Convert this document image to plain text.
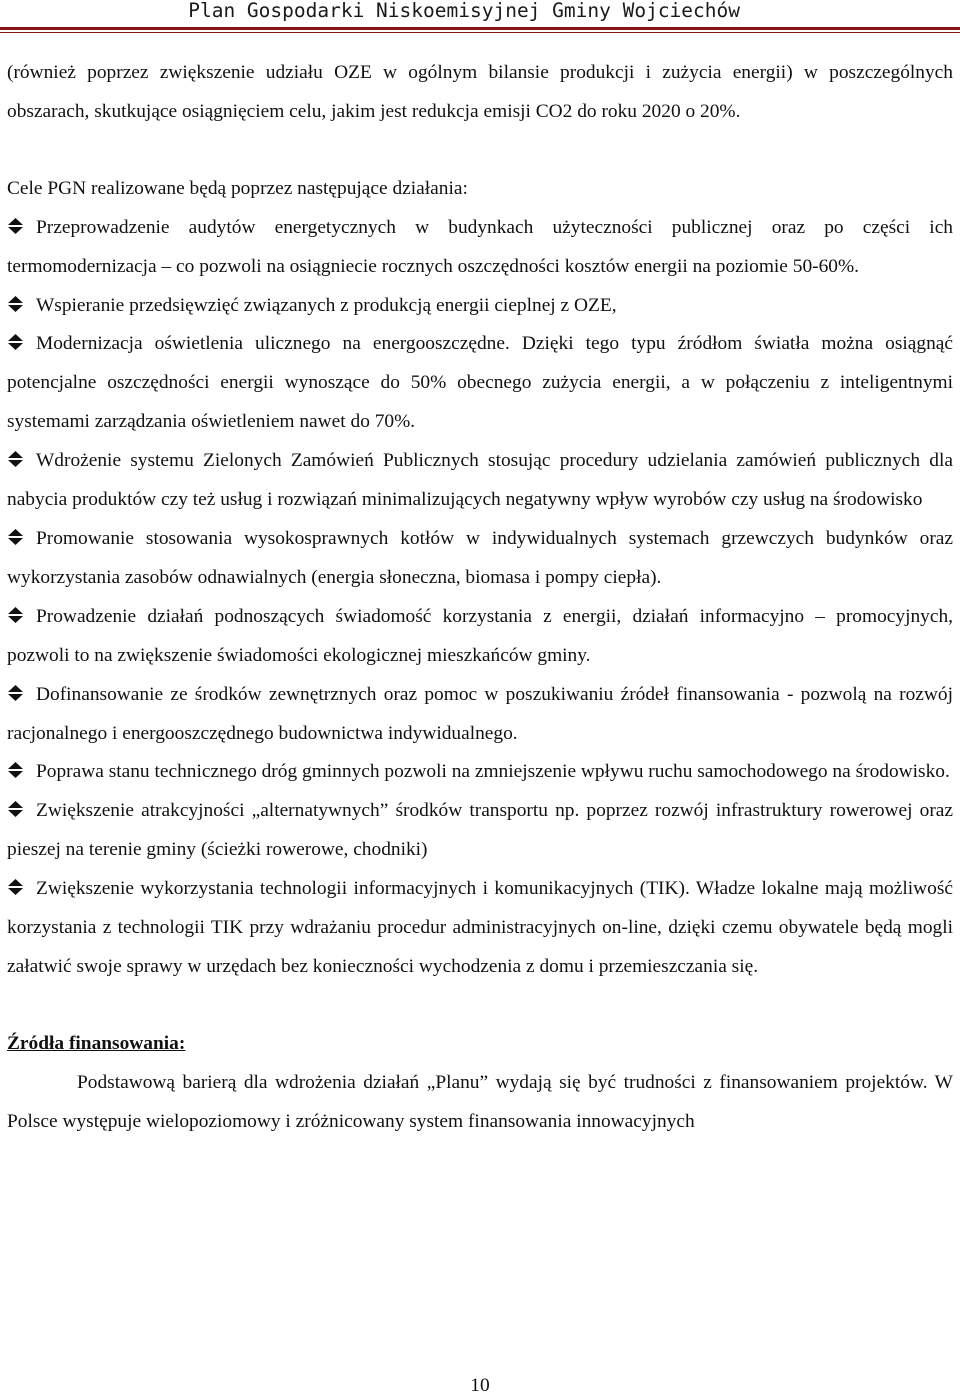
Plan Gospodarki Niskoemisyjnej Gminy Wojciechów

(również poprzez zwiększenie udziału OZE w ogólnym bilansie produkcji i zużycia energii) w poszczególnych obszarach, skutkujące osiągnięciem celu, jakim jest redukcja emisji CO2 do roku 2020 o 20%.

Cele PGN realizowane będą poprzez następujące działania:

Przeprowadzenie audytów energetycznych w budynkach użyteczności publicznej oraz po części ich termomodernizacja – co pozwoli na osiągniecie rocznych oszczędności kosztów energii na poziomie 50-60%.
Wspieranie przedsięwzięć związanych z produkcją energii cieplnej z OZE,
Modernizacja oświetlenia ulicznego na energooszczędne. Dzięki tego typu źródłom światła można osiągnąć potencjalne oszczędności energii wynoszące do 50% obecnego zużycia energii, a w połączeniu z inteligentnymi systemami zarządzania oświetleniem nawet do 70%.
Wdrożenie systemu Zielonych Zamówień Publicznych stosując procedury udzielania zamówień publicznych dla nabycia produktów czy też usług i rozwiązań minimalizujących negatywny wpływ wyrobów czy usług na środowisko
Promowanie stosowania wysokosprawnych kotłów w indywidualnych systemach grzewczych budynków oraz wykorzystania zasobów odnawialnych (energia słoneczna, biomasa i pompy ciepła).
Prowadzenie działań podnoszących świadomość korzystania z energii, działań informacyjno – promocyjnych, pozwoli to na zwiększenie świadomości ekologicznej mieszkańców gminy.
Dofinansowanie ze środków zewnętrznych oraz pomoc w poszukiwaniu źródeł finansowania - pozwolą na rozwój racjonalnego i energooszczędnego budownictwa indywidualnego.
Poprawa stanu technicznego dróg gminnych pozwoli na zmniejszenie wpływu ruchu samochodowego na środowisko.
Zwiększenie atrakcyjności „alternatywnych” środków transportu np. poprzez rozwój infrastruktury rowerowej oraz pieszej na terenie gminy (ścieżki rowerowe, chodniki)
Zwiększenie wykorzystania technologii informacyjnych i komunikacyjnych (TIK). Władze lokalne mają możliwość korzystania z technologii TIK przy wdrażaniu procedur administracyjnych on-line, dzięki czemu obywatele będą mogli załatwić swoje sprawy w urzędach bez konieczności wychodzenia z domu i przemieszczania się.
Źródła finansowania:

Podstawową barierą dla wdrożenia działań „Planu” wydają się być trudności z finansowaniem projektów. W Polsce występuje wielopoziomowy i zróżnicowany system finansowania innowacyjnych

10
